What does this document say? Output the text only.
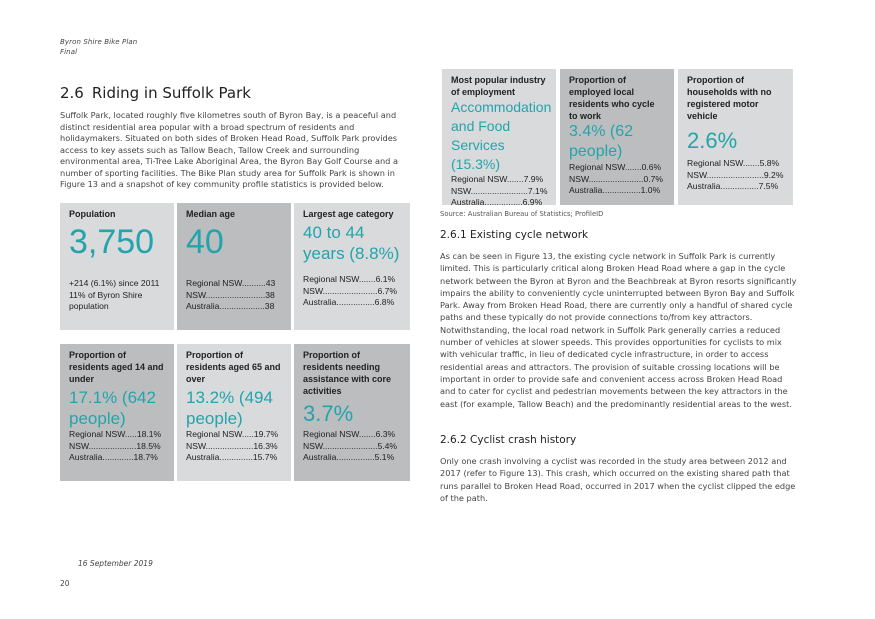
Byron Shire Bike Plan
Final
2.6 Riding in Suffolk Park

Suffolk Park, located roughly five kilometres south of Byron Bay, is a peaceful and distinct residential area popular with a broad spectrum of residents and holidaymakers. Situated on both sides of Broken Head Road, Suffolk Park provides access to key assets such as Tallow Beach, Tallow Creek and surrounding environmental area, Ti-Tree Lake Aboriginal Area, the Byron Bay Golf Course and a number of sporting facilities. The Bike Plan study area for Suffolk Park is shown in Figure 13 and a snapshot of key community profile statistics is provided below.

Population
3,750
+214 (6.1%) since 2011
11% of Byron Shire population
Median age
40
Regional NSW..........43
NSW.........................38
Australia...................38
Largest age category
40 to 44 years (8.8%)
Regional NSW.......6.1%
NSW.......................6.7%
Australia................6.8%
Proportion of residents aged 14 and under
17.1% (642 people)
Regional NSW.....18.1%
NSW....................18.5%
Australia.............18.7%
Proportion of residents aged 65 and over
13.2% (494 people)
Regional NSW.....19.7%
NSW....................16.3%
Australia..............15.7%
Proportion of residents needing assistance with core activities
3.7%
Regional NSW.......6.3%
NSW.......................5.4%
Australia................5.1%
Most popular industry of employment
Accommodation and Food Services (15.3%)
Regional NSW.......7.9%
NSW........................7.1%
Australia................6.9%
Proportion of employed local residents who cycle to work
3.4% (62 people)
Regional NSW.......0.6%
NSW.......................0.7%
Australia................1.0%
Proportion of households with no registered motor vehicle
2.6%
Regional NSW.......5.8%
NSW........................9.2%
Australia................7.5%
Source: Australian Bureau of Statistics; ProfileID
2.6.1 Existing cycle network

As can be seen in Figure 13, the existing cycle network in Suffolk Park is currently limited. This is particularly critical along Broken Head Road where a gap in the cycle network between the Byron at Byron and the Beachbreak at Byron resorts significantly impairs the ability to conveniently cycle uninterrupted between Byron Bay and Suffolk Park. Away from Broken Head Road, there are currently only a handful of shared cycle paths and these typically do not provide connections to/from key attractors. Notwithstanding, the local road network in Suffolk Park generally carries a reduced number of vehicles at slower speeds. This provides opportunities for cyclists to mix with vehicular traffic, in lieu of dedicated cycle infrastructure, in order to access residential areas and attractors. The provision of suitable crossing locations will be important in order to provide safe and convenient access across Broken Head Road and to cater for cyclist and pedestrian movements between the key attractors in the east (for example, Tallow Beach) and the predominantly residential areas to the west.

2.6.2 Cyclist crash history

Only one crash involving a cyclist was recorded in the study area between 2012 and 2017 (refer to Figure 13). This crash, which occurred on the existing shared path that runs parallel to Broken Head Road, occurred in 2017 when the cyclist clipped the edge of the path.

16 September 2019
20
